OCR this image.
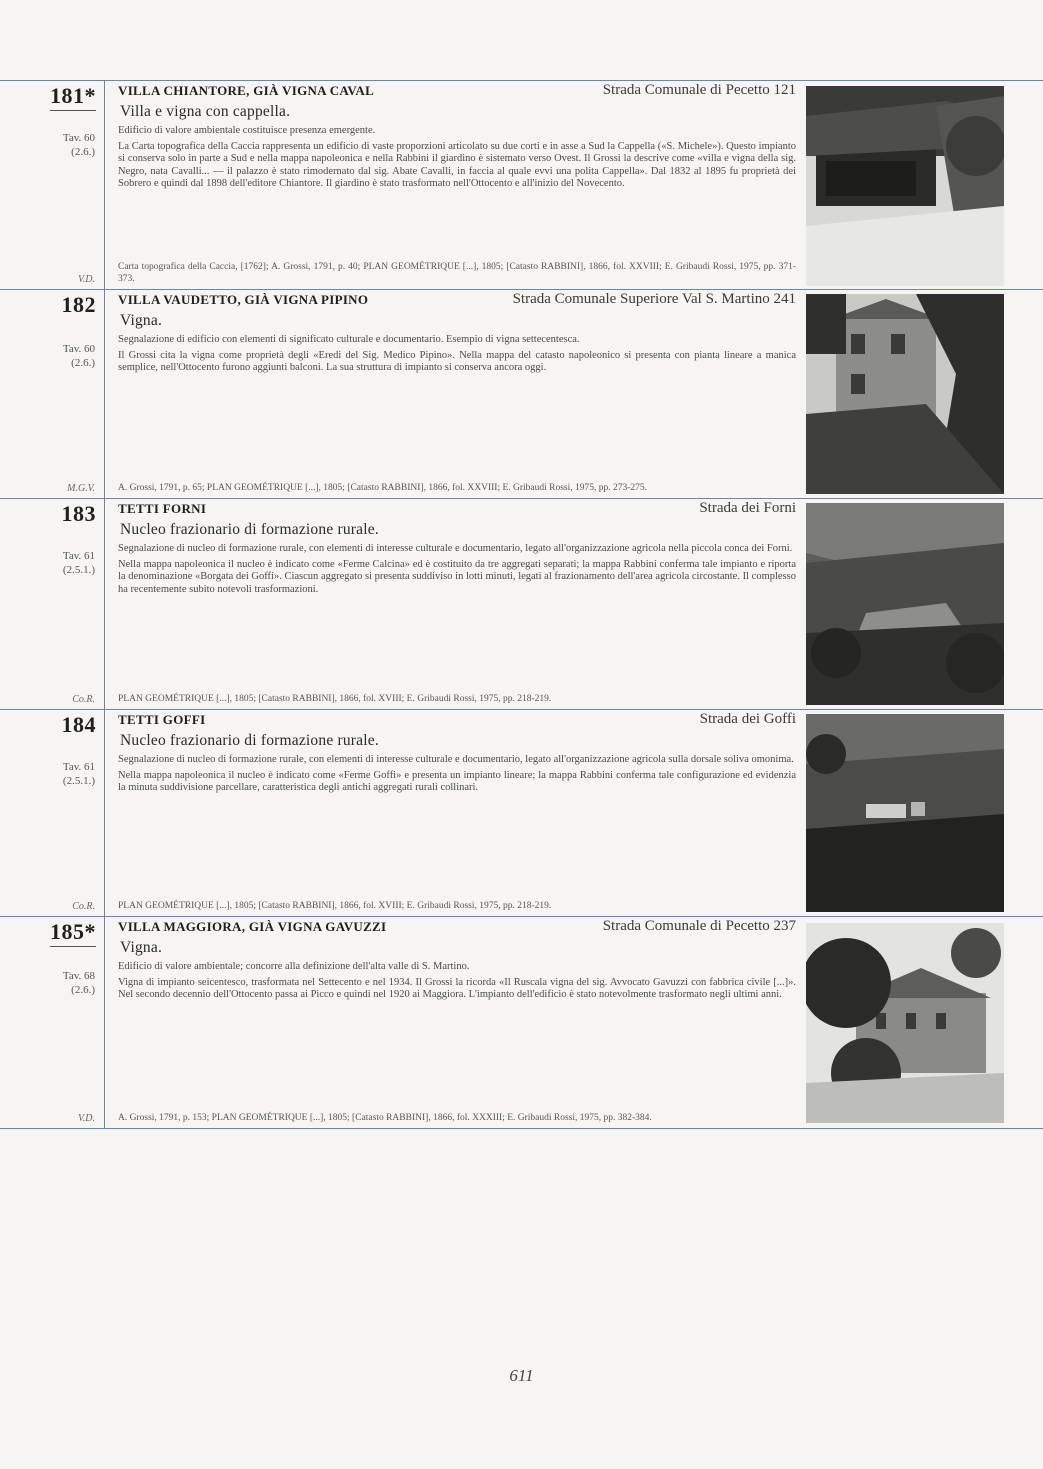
181*
Tav. 60
(2.6.)
V.D.
VILLA CHIANTORE, GIÀ VIGNA CAVAL	Strada Comunale di Pecetto 121
Villa e vigna con cappella.

Edificio di valore ambientale costituisce presenza emergente.

La Carta topografica della Caccia rappresenta un edificio di vaste proporzioni articolato su due corti e in asse a Sud la Cappella («S. Michele»). Questo impianto si conserva solo in parte a Sud e nella mappa napoleonica e nella Rabbini il giardino è sistemato verso Ovest. Il Grossi la descrive come «villa e vigna della sig. Negro, nata Cavalli... — il palazzo è stato rimodernato dal sig. Abate Cavalli, in faccia al quale evvi una polita Cappella». Dal 1832 al 1895 fu proprietà dei Sobrero e quindi dal 1898 dell'editore Chiantore. Il giardino è stato trasformato nell'Ottocento e all'inizio del Novecento.

Carta topografica della Caccia, [1762]; A. Grossi, 1791, p. 40; PLAN GEOMÉTRIQUE [...], 1805; [Catasto RABBINI], 1866, fol. XXVIII; E. Gribaudi Rossi, 1975, pp. 371-373.
182
Tav. 60
(2.6.)
M.G.V.
VILLA VAUDETTO, GIÀ VIGNA PIPINO	Strada Comunale Superiore Val S. Martino 241
Vigna.

Segnalazione di edificio con elementi di significato culturale e documentario. Esempio di vigna settecentesca.

Il Grossi cita la vigna come proprietà degli «Eredi del Sig. Medico Pipino». Nella mappa del catasto napoleonico si presenta con pianta lineare a manica semplice, nell'Ottocento furono aggiunti balconi. La sua struttura di impianto si conserva ancora oggi.

A. Grossi, 1791, p. 65; PLAN GEOMÉTRIQUE [...], 1805; [Catasto RABBINI], 1866, fol. XXVIII; E. Gribaudi Rossi, 1975, pp. 273-275.
183
Tav. 61
(2.5.1.)
Co.R.
TETTI FORNI	Strada dei Forni
Nucleo frazionario di formazione rurale.

Segnalazione di nucleo di formazione rurale, con elementi di interesse culturale e documentario, legato all'organizzazione agricola nella piccola conca dei Forni.

Nella mappa napoleonica il nucleo è indicato come «Ferme Calcina» ed è costituito da tre aggregati separati; la mappa Rabbini conferma tale impianto e riporta la denominazione «Borgata dei Goffi». Ciascun aggregato si presenta suddiviso in lotti minuti, legati al frazionamento dell'area agricola circostante. Il complesso ha recentemente subito notevoli trasformazioni.

PLAN GEOMÉTRIQUE [...], 1805; [Catasto RABBINI], 1866, fol. XVIII; E. Gribaudi Rossi, 1975, pp. 218-219.
184
Tav. 61
(2.5.1.)
Co.R.
TETTI GOFFI	Strada dei Goffi
Nucleo frazionario di formazione rurale.

Segnalazione di nucleo di formazione rurale, con elementi di interesse culturale e documentario, legato all'organizzazione agricola sulla dorsale soliva omonima.

Nella mappa napoleonica il nucleo è indicato come «Ferme Goffi» e presenta un impianto lineare; la mappa Rabbini conferma tale configurazione ed evidenzia la minuta suddivisione parcellare, caratteristica degli antichi aggregati rurali collinari.

PLAN GEOMÉTRIQUE [...], 1805; [Catasto RABBINI], 1866, fol. XVIII; E. Gribaudi Rossi, 1975, pp. 218-219.
185*
Tav. 68
(2.6.)
V.D.
VILLA MAGGIORA, GIÀ VIGNA GAVUZZI	Strada Comunale di Pecetto 237
Vigna.

Edificio di valore ambientale; concorre alla definizione dell'alta valle di S. Martino.

Vigna di impianto seicentesco, trasformata nel Settecento e nel 1934. Il Grossi la ricorda «Il Ruscala vigna del sig. Avvocato Gavuzzi con fabbrica civile [...]». Nel secondo decennio dell'Ottocento passa ai Picco e quindi nel 1920 ai Maggiora. L'impianto dell'edificio è stato notevolmente trasformato negli ultimi anni.

A. Grossi, 1791, p. 153; PLAN GEOMÉTRIQUE [...], 1805; [Catasto RABBINI], 1866, fol. XXXIII; E. Gribaudi Rossi, 1975, pp. 382-384.
611
